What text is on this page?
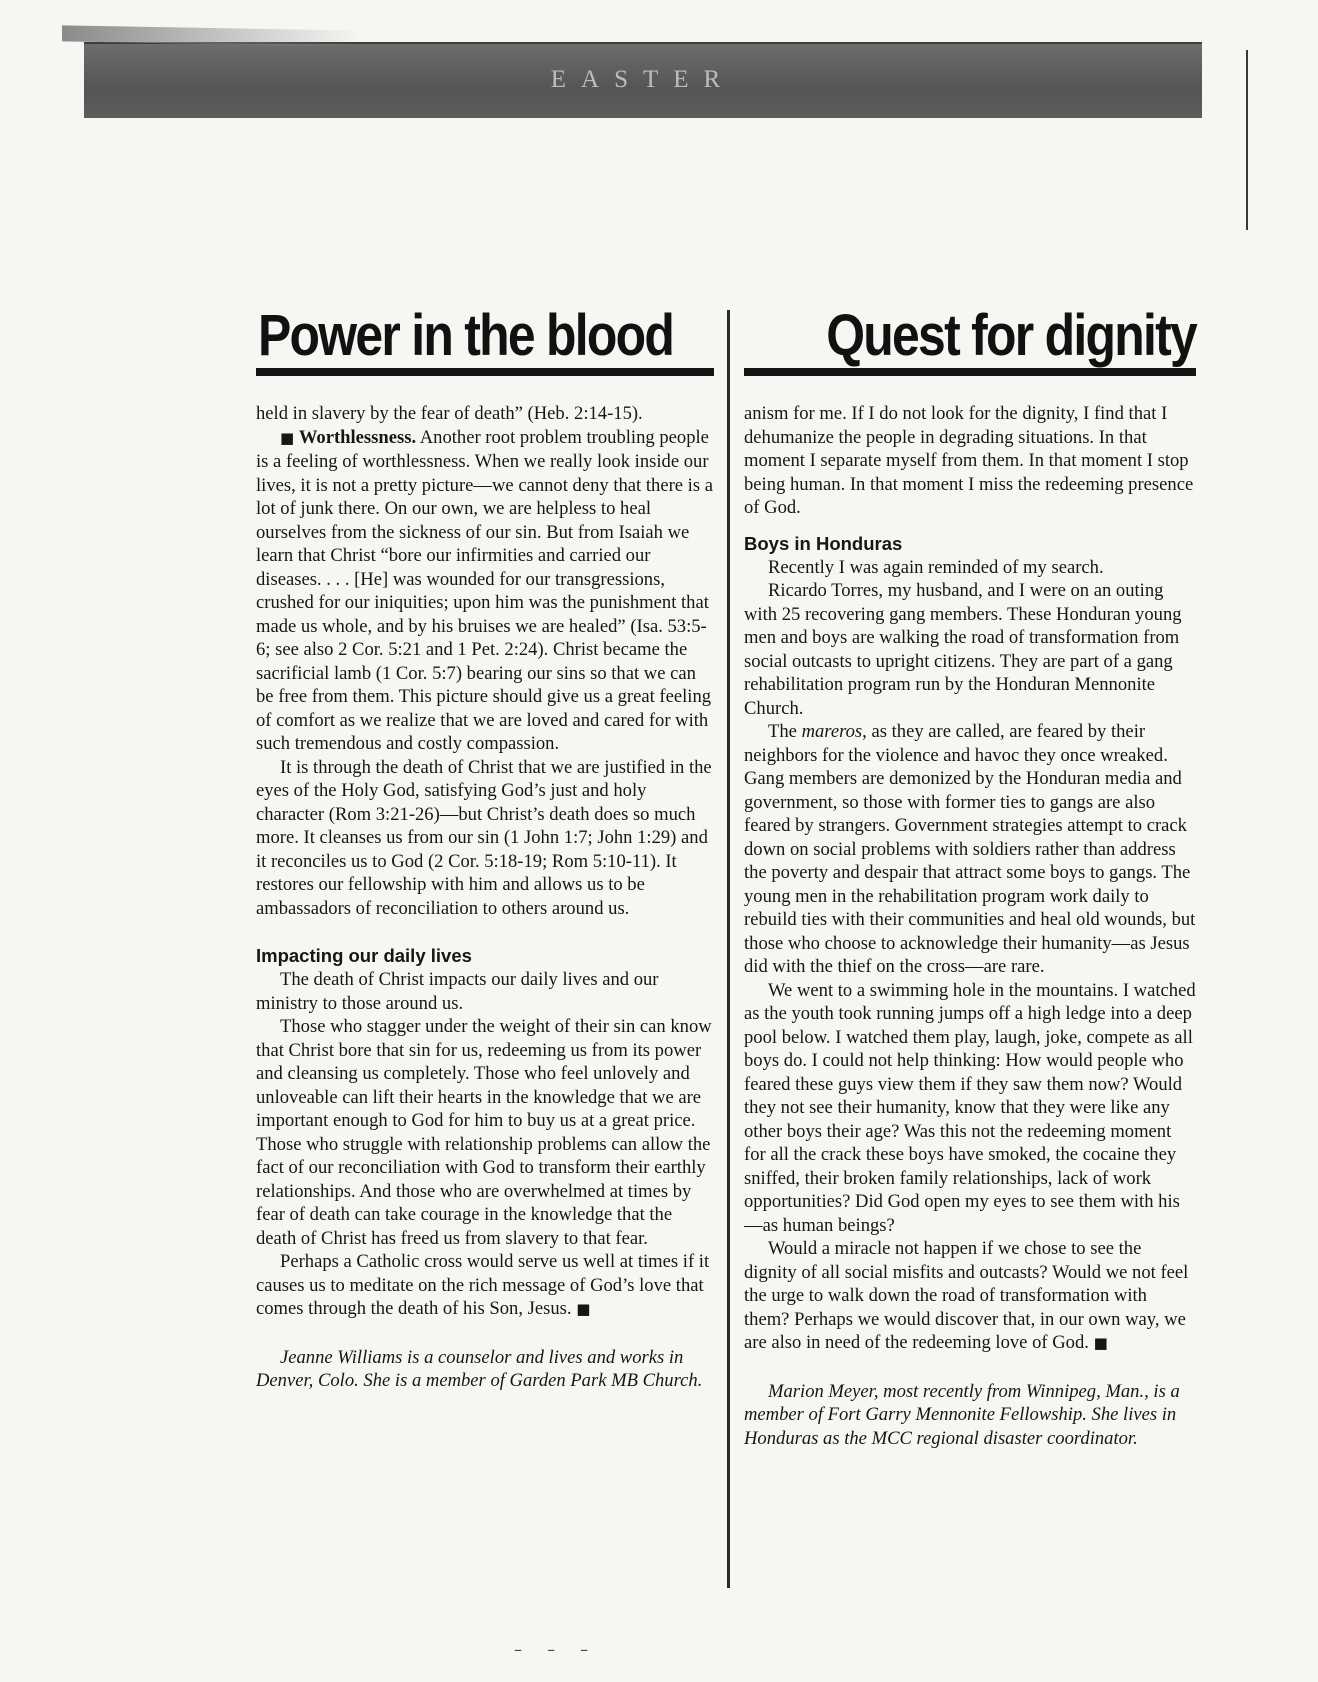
EASTER
Power in the blood	Quest for dignity

held in slavery by the fear of death” (Heb. 2:14-15).

■ Worthlessness. Another root problem troubling people is a feeling of worthlessness. When we really look inside our lives, it is not a pretty picture—we cannot deny that there is a lot of junk there. On our own, we are helpless to heal ourselves from the sickness of our sin. But from Isaiah we learn that Christ “bore our infirmities and carried our diseases. . . . [He] was wounded for our transgressions, crushed for our iniquities; upon him was the punishment that made us whole, and by his bruises we are healed” (Isa. 53:5-6; see also 2 Cor. 5:21 and 1 Pet. 2:24). Christ became the sacrificial lamb (1 Cor. 5:7) bearing our sins so that we can be free from them. This picture should give us a great feeling of comfort as we realize that we are loved and cared for with such tremendous and costly compassion.

It is through the death of Christ that we are justified in the eyes of the Holy God, satisfying God’s just and holy character (Rom 3:21-26)—but Christ’s death does so much more. It cleanses us from our sin (1 John 1:7; John 1:29) and it reconciles us to God (2 Cor. 5:18-19; Rom 5:10-11). It restores our fellowship with him and allows us to be ambassadors of reconciliation to others around us.

Impacting our daily lives

The death of Christ impacts our daily lives and our ministry to those around us.

Those who stagger under the weight of their sin can know that Christ bore that sin for us, redeeming us from its power and cleansing us completely. Those who feel unlovely and unloveable can lift their hearts in the knowledge that we are important enough to God for him to buy us at a great price. Those who struggle with relationship problems can allow the fact of our reconciliation with God to transform their earthly relationships. And those who are overwhelmed at times by fear of death can take courage in the knowledge that the death of Christ has freed us from slavery to that fear.

Perhaps a Catholic cross would serve us well at times if it causes us to meditate on the rich message of God’s love that comes through the death of his Son, Jesus. ■

Jeanne Williams is a counselor and lives and works in Denver, Colo. She is a member of Garden Park MB Church.

anism for me. If I do not look for the dignity, I find that I dehumanize the people in degrading situations. In that moment I separate myself from them. In that moment I stop being human. In that moment I miss the redeeming presence of God.

Boys in Honduras

Recently I was again reminded of my search.

Ricardo Torres, my husband, and I were on an outing with 25 recovering gang members. These Honduran young men and boys are walking the road of transformation from social outcasts to upright citizens. They are part of a gang rehabilitation program run by the Honduran Mennonite Church.

The mareros, as they are called, are feared by their neighbors for the violence and havoc they once wreaked. Gang members are demonized by the Honduran media and government, so those with former ties to gangs are also feared by strangers. Government strategies attempt to crack down on social problems with soldiers rather than address the poverty and despair that attract some boys to gangs. The young men in the rehabilitation program work daily to rebuild ties with their communities and heal old wounds, but those who choose to acknowledge their humanity—as Jesus did with the thief on the cross—are rare.

We went to a swimming hole in the mountains. I watched as the youth took running jumps off a high ledge into a deep pool below. I watched them play, laugh, joke, compete as all boys do. I could not help thinking: How would people who feared these guys view them if they saw them now? Would they not see their humanity, know that they were like any other boys their age? Was this not the redeeming moment for all the crack these boys have smoked, the cocaine they sniffed, their broken family relationships, lack of work opportunities? Did God open my eyes to see them with his—as human beings?

Would a miracle not happen if we chose to see the dignity of all social misfits and outcasts? Would we not feel the urge to walk down the road of transformation with them? Perhaps we would discover that, in our own way, we are also in need of the redeeming love of God. ■

Marion Meyer, most recently from Winnipeg, Man., is a member of Fort Garry Mennonite Fellowship. She lives in Honduras as the MCC regional disaster coordinator.

– – –
